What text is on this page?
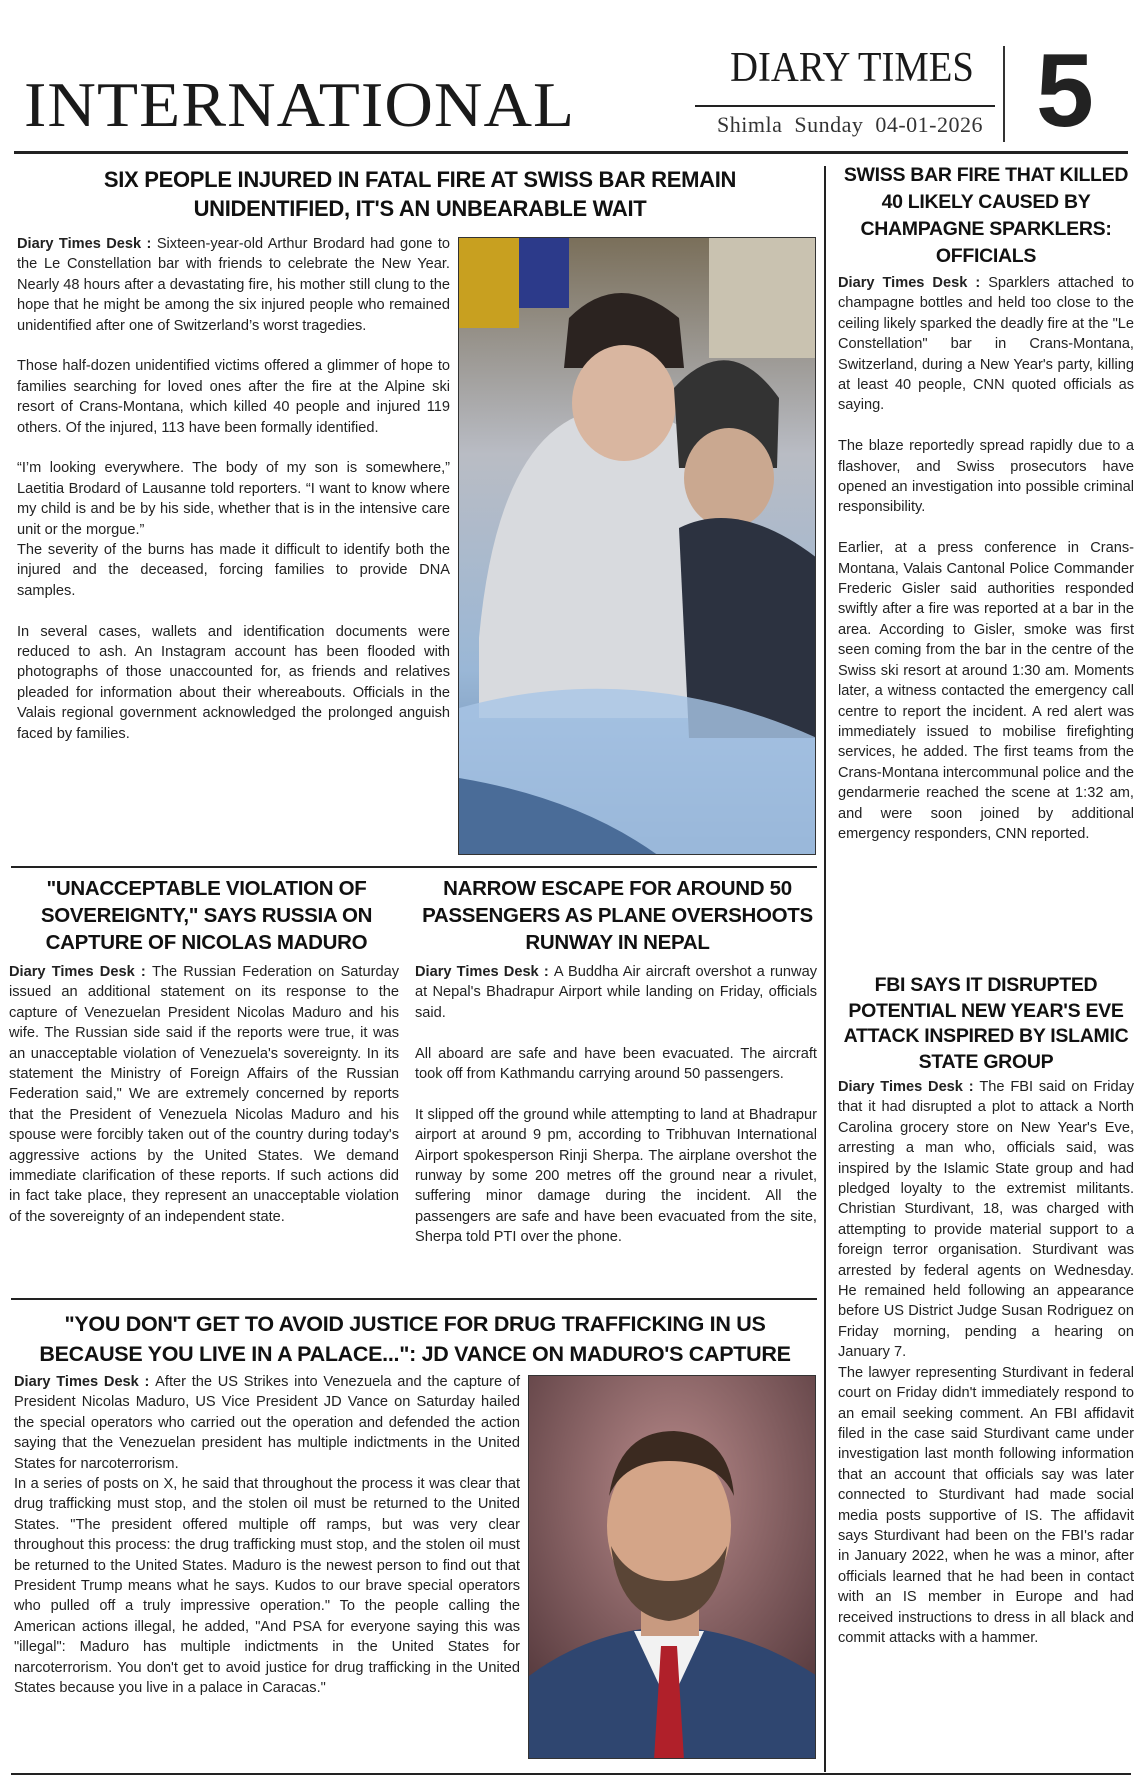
INTERNATIONAL
DIARY TIMES
Shimla Sunday 04-01-2026 5
SIX PEOPLE INJURED IN FATAL FIRE AT SWISS BAR REMAIN UNIDENTIFIED, IT'S AN UNBEARABLE WAIT

Diary Times Desk : Sixteen-year-old Arthur Brodard had gone to the Le Constellation bar with friends to celebrate the New Year. Nearly 48 hours after a devastating fire, his mother still clung to the hope that he might be among the six injured people who remained unidentified after one of Switzerland’s worst tragedies.

Those half-dozen unidentified victims offered a glimmer of hope to families searching for loved ones after the fire at the Alpine ski resort of Crans-Montana, which killed 40 people and injured 119 others. Of the injured, 113 have been formally identified.

“I’m looking everywhere. The body of my son is somewhere,” Laetitia Brodard of Lausanne told reporters. “I want to know where my child is and be by his side, whether that is in the intensive care unit or the morgue.”

The severity of the burns has made it difficult to identify both the injured and the deceased, forcing families to provide DNA samples.

In several cases, wallets and identification documents were reduced to ash. An Instagram account has been flooded with photographs of those unaccounted for, as friends and relatives pleaded for information about their whereabouts. Officials in the Valais regional government acknowledged the prolonged anguish faced by families.

"UNACCEPTABLE VIOLATION OF SOVEREIGNTY," SAYS RUSSIA ON CAPTURE OF NICOLAS MADURO

Diary Times Desk : The Russian Federation on Saturday issued an additional statement on its response to the capture of Venezuelan President Nicolas Maduro and his wife. The Russian side said if the reports were true, it was an unacceptable violation of Venezuela's sovereignty. In its statement the Ministry of Foreign Affairs of the Russian Federation said," We are extremely concerned by reports that the President of Venezuela Nicolas Maduro and his spouse were forcibly taken out of the country during today's aggressive actions by the United States. We demand immediate clarification of these reports. If such actions did in fact take place, they represent an unacceptable violation of the sovereignty of an independent state.

NARROW ESCAPE FOR AROUND 50 PASSENGERS AS PLANE OVERSHOOTS RUNWAY IN NEPAL

Diary Times Desk : A Buddha Air aircraft overshot a runway at Nepal's Bhadrapur Airport while landing on Friday, officials said.

All aboard are safe and have been evacuated. The aircraft took off from Kathmandu carrying around 50 passengers.

It slipped off the ground while attempting to land at Bhadrapur airport at around 9 pm, according to Tribhuvan International Airport spokesperson Rinji Sherpa. The airplane overshot the runway by some 200 metres off the ground near a rivulet, suffering minor damage during the incident. All the passengers are safe and have been evacuated from the site, Sherpa told PTI over the phone.

"YOU DON'T GET TO AVOID JUSTICE FOR DRUG TRAFFICKING IN US BECAUSE YOU LIVE IN A PALACE...": JD VANCE ON MADURO'S CAPTURE

Diary Times Desk : After the US Strikes into Venezuela and the capture of President Nicolas Maduro, US Vice President JD Vance on Saturday hailed the special operators who carried out the operation and defended the action saying that the Venezuelan president has multiple indictments in the United States for narcoterrorism.

In a series of posts on X, he said that throughout the process it was clear that drug trafficking must stop, and the stolen oil must be returned to the United States. "The president offered multiple off ramps, but was very clear throughout this process: the drug trafficking must stop, and the stolen oil must be returned to the United States. Maduro is the newest person to find out that President Trump means what he says. Kudos to our brave special operators who pulled off a truly impressive operation." To the people calling the American actions illegal, he added, "And PSA for everyone saying this was "illegal": Maduro has multiple indictments in the United States for narcoterrorism. You don't get to avoid justice for drug trafficking in the United States because you live in a palace in Caracas."

SWISS BAR FIRE THAT KILLED 40 LIKELY CAUSED BY CHAMPAGNE SPARKLERS: OFFICIALS

Diary Times Desk : Sparklers attached to champagne bottles and held too close to the ceiling likely sparked the deadly fire at the "Le Constellation" bar in Crans-Montana, Switzerland, during a New Year's party, killing at least 40 people, CNN quoted officials as saying.

The blaze reportedly spread rapidly due to a flashover, and Swiss prosecutors have opened an investigation into possible criminal responsibility.

Earlier, at a press conference in Crans-Montana, Valais Cantonal Police Commander Frederic Gisler said authorities responded swiftly after a fire was reported at a bar in the area. According to Gisler, smoke was first seen coming from the bar in the centre of the Swiss ski resort at around 1:30 am. Moments later, a witness contacted the emergency call centre to report the incident. A red alert was immediately issued to mobilise firefighting services, he added. The first teams from the Crans-Montana intercommunal police and the gendarmerie reached the scene at 1:32 am, and were soon joined by additional emergency responders, CNN reported.

FBI SAYS IT DISRUPTED POTENTIAL NEW YEAR'S EVE ATTACK INSPIRED BY ISLAMIC STATE GROUP

Diary Times Desk : The FBI said on Friday that it had disrupted a plot to attack a North Carolina grocery store on New Year's Eve, arresting a man who, officials said, was inspired by the Islamic State group and had pledged loyalty to the extremist militants. Christian Sturdivant, 18, was charged with attempting to provide material support to a foreign terror organisation. Sturdivant was arrested by federal agents on Wednesday. He remained held following an appearance before US District Judge Susan Rodriguez on Friday morning, pending a hearing on January 7.

The lawyer representing Sturdivant in federal court on Friday didn't immediately respond to an email seeking comment. An FBI affidavit filed in the case said Sturdivant came under investigation last month following information that an account that officials say was later connected to Sturdivant had made social media posts supportive of IS. The affidavit says Sturdivant had been on the FBI's radar in January 2022, when he was a minor, after officials learned that he had been in contact with an IS member in Europe and had received instructions to dress in all black and commit attacks with a hammer.
